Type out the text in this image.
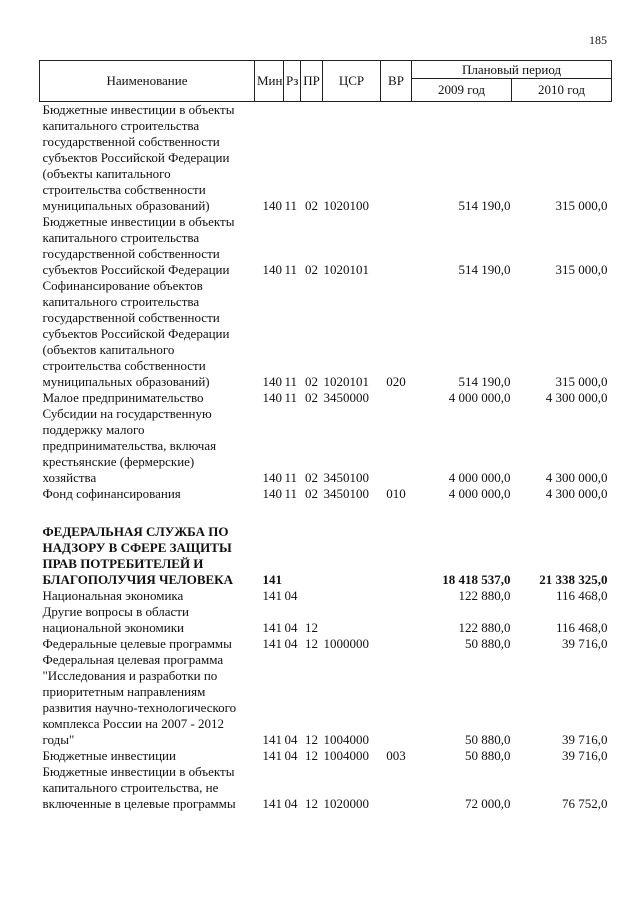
185
Наименование	Мин	Рз	ПР	ЦСР	ВР	Плановый период	
						2009 год	2010 год
Бюджетные инвестиции в объекты капитального строительства государственной собственности субъектов Российской Федерации (объекты капитального строительства собственности муниципальных образований)	140	11	02	1020100		514 190,0	315 000,0
Бюджетные инвестиции в объекты капитального строительства государственной собственности субъектов Российской Федерации	140	11	02	1020101		514 190,0	315 000,0
Софинансирование объектов капитального строительства государственной собственности субъектов Российской Федерации (объектов капитального строительства собственности муниципальных образований)	140	11	02	1020101	020	514 190,0	315 000,0
Малое предпринимательство	140	11	02	3450000		4 000 000,0	4 300 000,0
Субсидии на государственную поддержку малого предпринимательства, включая крестьянские (фермерские) хозяйства	140	11	02	3450100		4 000 000,0	4 300 000,0
Фонд софинансирования	140	11	02	3450100	010	4 000 000,0	4 300 000,0

ФЕДЕРАЛЬНАЯ СЛУЖБА ПО НАДЗОРУ В СФЕРЕ ЗАЩИТЫ ПРАВ ПОТРЕБИТЕЛЕЙ И БЛАГОПОЛУЧИЯ ЧЕЛОВЕКА	141					18 418 537,0	21 338 325,0
Национальная экономика	141	04				122 880,0	116 468,0
Другие вопросы в области национальной экономики	141	04	12			122 880,0	116 468,0
Федеральные целевые программы	141	04	12	1000000		50 880,0	39 716,0
Федеральная целевая программа "Исследования и разработки по приоритетным направлениям развития научно-технологического комплекса России на 2007 - 2012 годы"	141	04	12	1004000		50 880,0	39 716,0
Бюджетные инвестиции	141	04	12	1004000	003	50 880,0	39 716,0
Бюджетные инвестиции в объекты капитального строительства, не включенные в целевые программы	141	04	12	1020000		72 000,0	76 752,0
